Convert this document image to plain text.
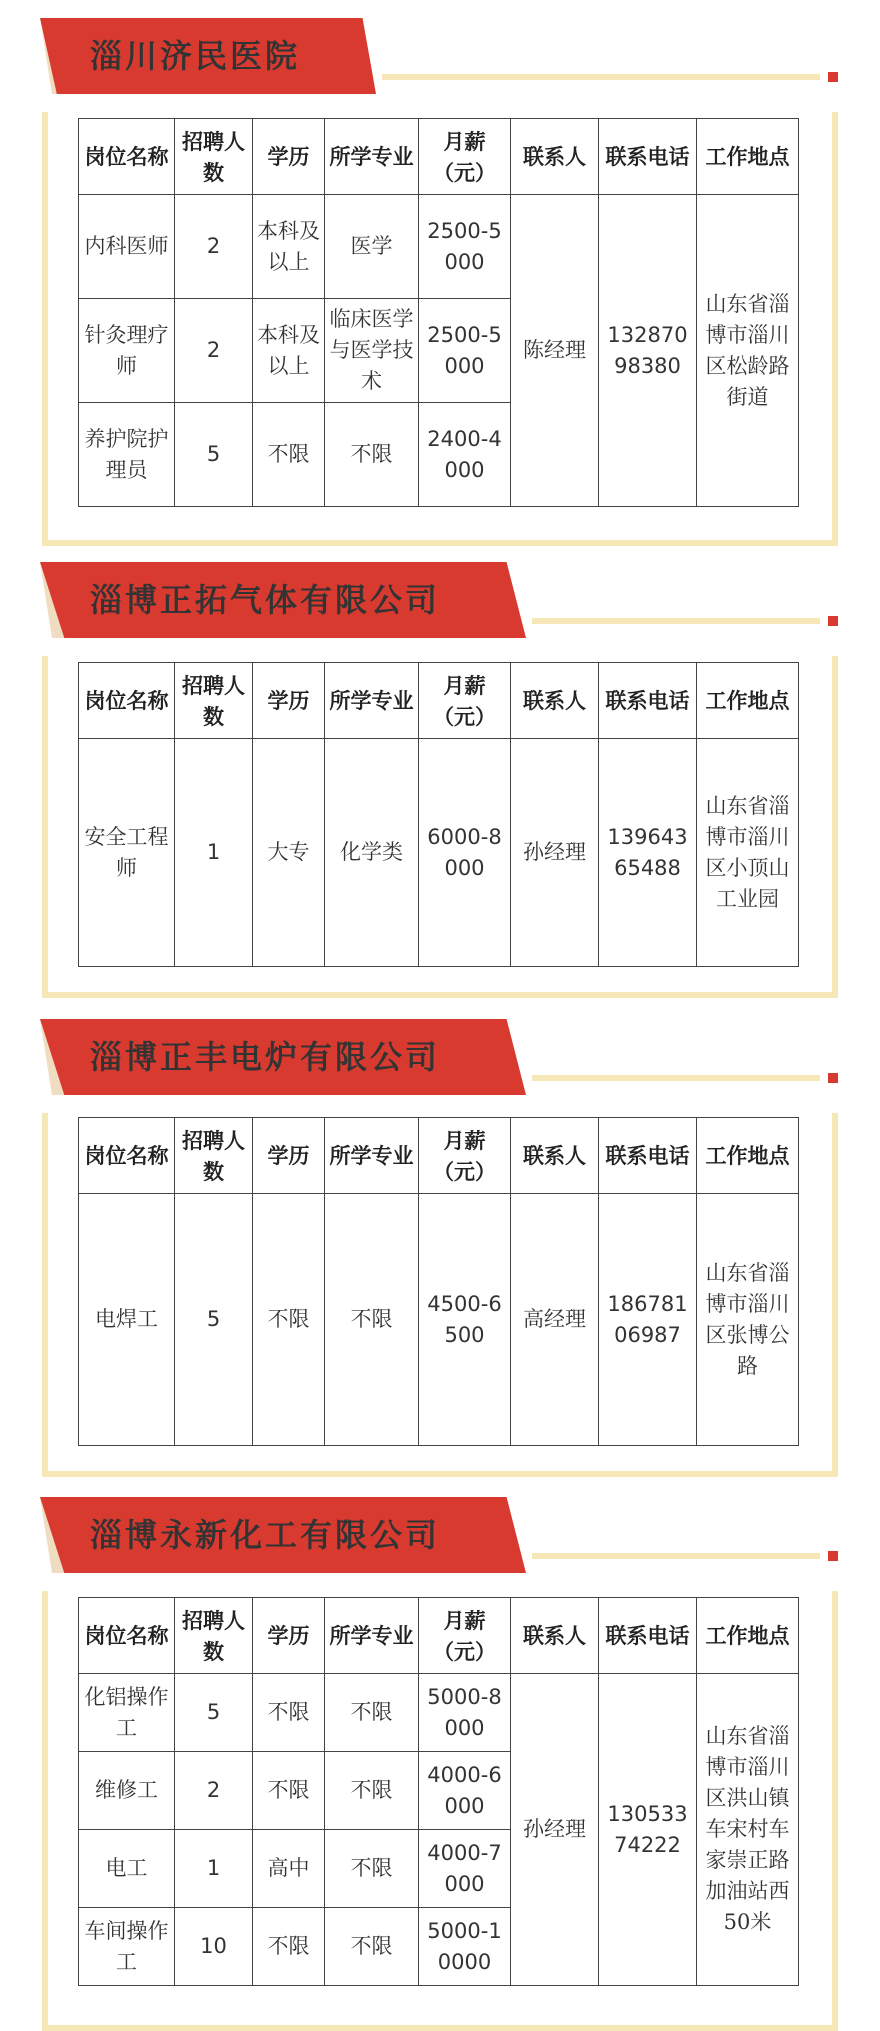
淄川济民医院
岗位名称	招聘人数	学历	所学专业	月薪（元）	联系人	联系电话	工作地点
内科医师	2	本科及以上	医学	2500-5000	陈经理	13287098380	山东省淄博市淄川区松龄路街道
针灸理疗师	2	本科及以上	临床医学与医学技术	2500-5000			
养护院护理员	5	不限	不限	2400-4000			
淄博正拓气体有限公司
岗位名称	招聘人数	学历	所学专业	月薪（元）	联系人	联系电话	工作地点
安全工程师	1	大专	化学类	6000-8000	孙经理	13964365488	山东省淄博市淄川区小顶山工业园
淄博正丰电炉有限公司
岗位名称	招聘人数	学历	所学专业	月薪（元）	联系人	联系电话	工作地点
电焊工	5	不限	不限	4500-6500	高经理	18678106987	山东省淄博市淄川区张博公路
淄博永新化工有限公司
岗位名称	招聘人数	学历	所学专业	月薪（元）	联系人	联系电话	工作地点
化铝操作工	5	不限	不限	5000-8000	孙经理	13053374222	山东省淄博市淄川区洪山镇车宋村车家崇正路加油站西50米
维修工	2	不限	不限	4000-6000			
电工	1	高中	不限	4000-7000			
车间操作工	10	不限	不限	5000-10000			
